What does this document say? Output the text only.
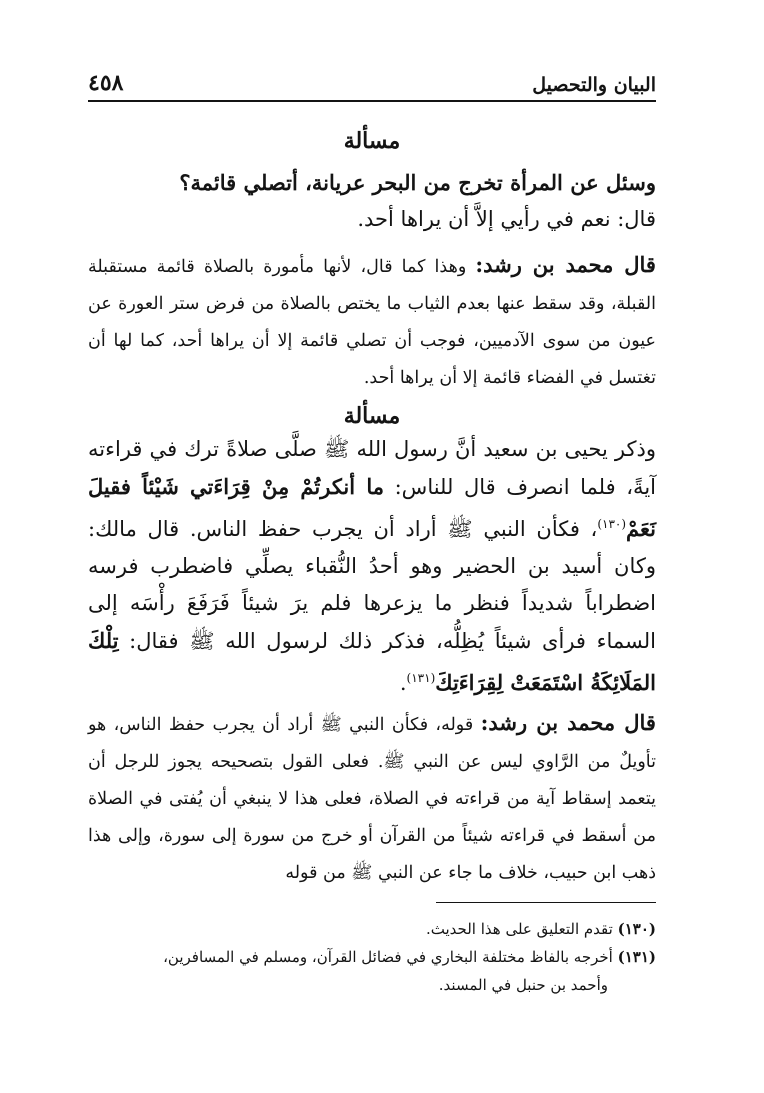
البيان والتحصيل
٤٥٨

مسألة

وسئل عن المرأة تخرج من البحر عريانة، أتصلي قائمة؟

قال: نعم في رأيي إلاَّ أن يراها أحد.

قال محمد بن رشد: وهذا كما قال، لأنها مأمورة بالصلاة قائمة مستقبلة القبلة، وقد سقط عنها بعدم الثياب ما يختص بالصلاة من فرض ستر العورة عن عيون من سوى الآدميين، فوجب أن تصلي قائمة إلا أن يراها أحد، كما لها أن تغتسل في الفضاء قائمة إلا أن يراها أحد.

مسألة

وذكر يحيى بن سعيد أنَّ رسول الله ﷺ صلَّى صلاةً ترك في قراءته آيةً، فلما انصرف قال للناس: ما أنكرتُمْ مِنْ قِرَاءَتي شَيْئاً فقيلَ نَعَمْ$^{(١٣٠)}$، فكأن النبي ﷺ أراد أن يجرب حفظ الناس. قال مالك: وكان أسيد بن الحضير وهو أحدُ النُّقباء يصلِّي فاضطرب فرسه اضطراباً شديداً فنظر ما يزعرها فلم يرَ شيئاً فَرَفَعَ رأْسَه إلى السماء فرأى شيئاً يُظِلُّه، فذكر ذلك لرسول الله ﷺ فقال: تِلْكَ المَلَائِكَةُ اسْتَمَعَتْ لِقِرَاءَتِكَ$^{(١٣١)}$.

قال محمد بن رشد: قوله، فكأن النبي ﷺ أراد أن يجرب حفظ الناس، هو تأويلٌ من الرَّاوي ليس عن النبي ﷺ. فعلى القول بتصحيحه يجوز للرجل أن يتعمد إسقاط آية من قراءته في الصلاة، فعلى هذا لا ينبغي أن يُفتى في الصلاة من أسقط في قراءته شيئاً من القرآن أو خرج من سورة إلى سورة، وإلى هذا ذهب ابن حبيب، خلاف ما جاء عن النبي ﷺ من قوله

(١٣٠) تقدم التعليق على هذا الحديث.

(١٣١) أخرجه بالفاظ مختلفة البخاري في فضائل القرآن، ومسلم في المسافرين،

وأحمد بن حنبل في المسند.
